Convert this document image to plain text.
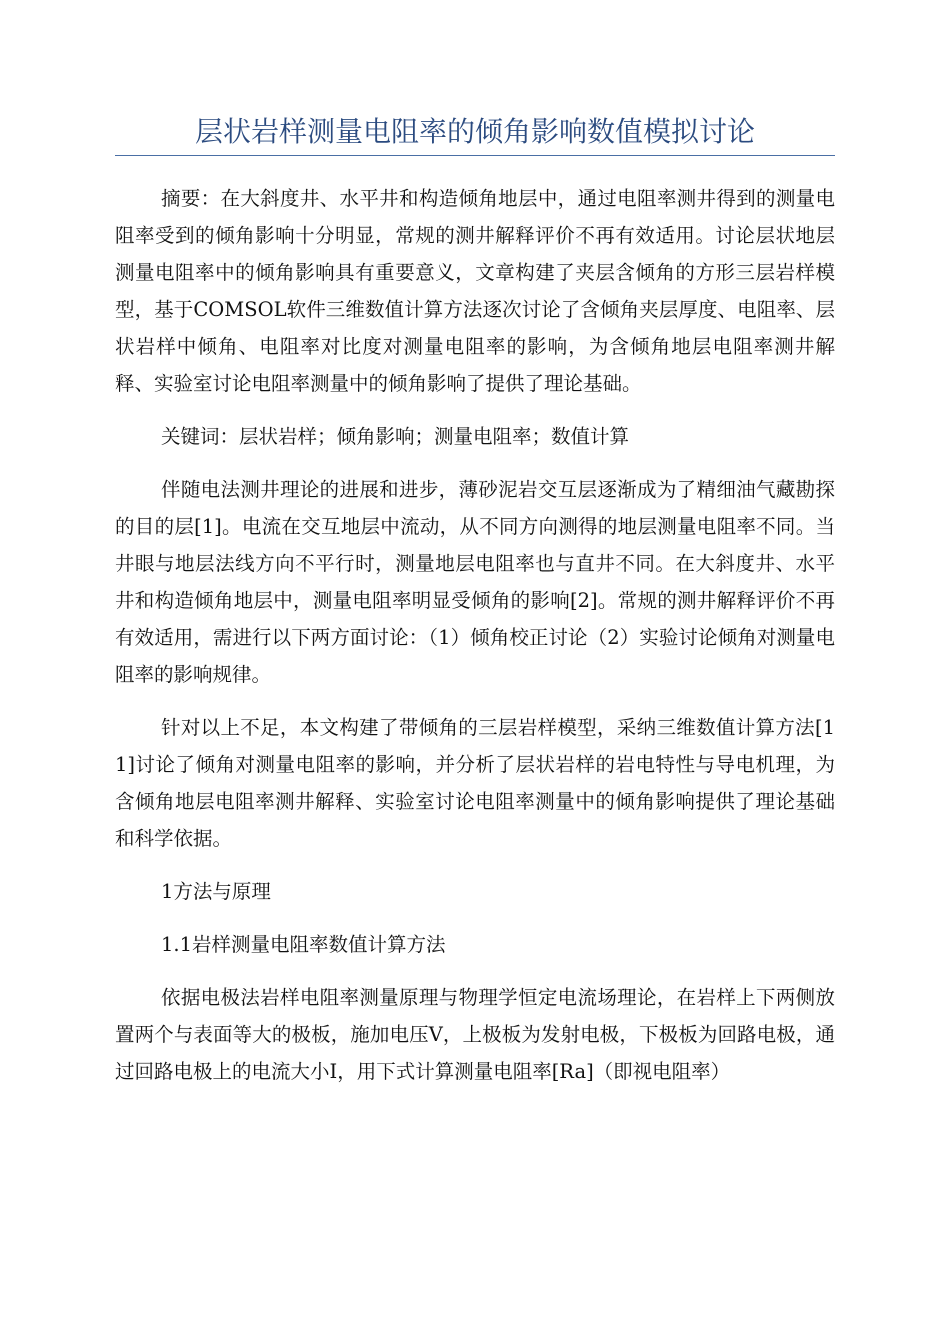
层状岩样测量电阻率的倾角影响数值模拟讨论

摘要：在大斜度井、水平井和构造倾角地层中，通过电阻率测井得到的测量电阻率受到的倾角影响十分明显，常规的测井解释评价不再有效适用。讨论层状地层测量电阻率中的倾角影响具有重要意义，文章构建了夹层含倾角的方形三层岩样模型，基于COMSOL软件三维数值计算方法逐次讨论了含倾角夹层厚度、电阻率、层状岩样中倾角、电阻率对比度对测量电阻率的影响，为含倾角地层电阻率测井解释、实验室讨论电阻率测量中的倾角影响了提供了理论基础。

关键词：层状岩样；倾角影响；测量电阻率；数值计算

伴随电法测井理论的进展和进步，薄砂泥岩交互层逐渐成为了精细油气藏勘探的目的层[1]。电流在交互地层中流动，从不同方向测得的地层测量电阻率不同。当井眼与地层法线方向不平行时，测量地层电阻率也与直井不同。在大斜度井、水平井和构造倾角地层中，测量电阻率明显受倾角的影响[2]。常规的测井解释评价不再有效适用，需进行以下两方面讨论：（1）倾角校正讨论（2）实验讨论倾角对测量电阻率的影响规律。

针对以上不足，本文构建了带倾角的三层岩样模型，采纳三维数值计算方法[11]讨论了倾角对测量电阻率的影响，并分析了层状岩样的岩电特性与导电机理，为含倾角地层电阻率测井解释、实验室讨论电阻率测量中的倾角影响提供了理论基础和科学依据。

1方法与原理

1.1岩样测量电阻率数值计算方法

依据电极法岩样电阻率测量原理与物理学恒定电流场理论，在岩样上下两侧放置两个与表面等大的极板，施加电压V，上极板为发射电极，下极板为回路电极，通过回路电极上的电流大小I，用下式计算测量电阻率[Ra]（即视电阻率）
